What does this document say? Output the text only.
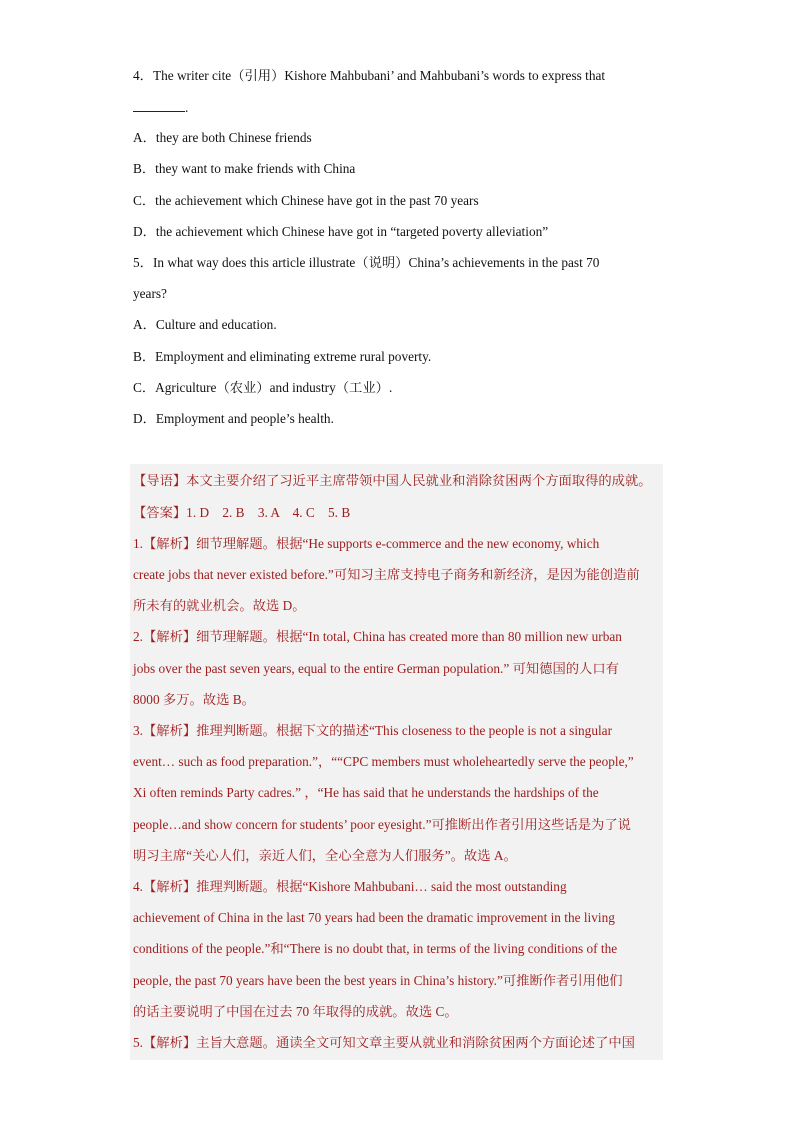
4．The writer cite（引用）Kishore Mahbubani’ and Mahbubani’s words to express that
.
A．they are both Chinese friends
B．they want to make friends with China
C．the achievement which Chinese have got in the past 70 years
D．the achievement which Chinese have got in “targeted poverty alleviation”
5．In what way does this article illustrate（说明）China’s achievements in the past 70
years?
A．Culture and education.
B．Employment and eliminating extreme rural poverty.
C．Agriculture（农业）and industry（工业）.
D．Employment and people’s health.
【导语】本文主要介绍了习近平主席带领中国人民就业和消除贫困两个方面取得的成就。
【答案】1. D　2. B　3. A　4. C　5. B
1.【解析】细节理解题。根据“He supports e-commerce and the new economy, which
create jobs that never existed before.”可知习主席支持电子商务和新经济，是因为能创造前
所未有的就业机会。故选 D。
2.【解析】细节理解题。根据“In total, China has created more than 80 million new urban
jobs over the past seven years, equal to the entire German population.” 可知德国的人口有
8000 多万。故选 B。
3.【解析】推理判断题。根据下文的描述“This closeness to the people is not a singular
event… such as food preparation.”，““CPC members must wholeheartedly serve the people,”
Xi often reminds Party cadres.” ，“He has said that he understands the hardships of the
people…and show concern for students’ poor eyesight.”可推断出作者引用这些话是为了说
明习主席“关心人们，亲近人们，全心全意为人们服务”。故选 A。
4.【解析】推理判断题。根据“Kishore Mahbubani… said the most outstanding
achievement of China in the last 70 years had been the dramatic improvement in the living
conditions of the people.”和“There is no doubt that, in terms of the living conditions of the
people, the past 70 years have been the best years in China’s history.”可推断作者引用他们
的话主要说明了中国在过去 70 年取得的成就。故选 C。
5.【解析】主旨大意题。通读全文可知文章主要从就业和消除贫困两个方面论述了中国
